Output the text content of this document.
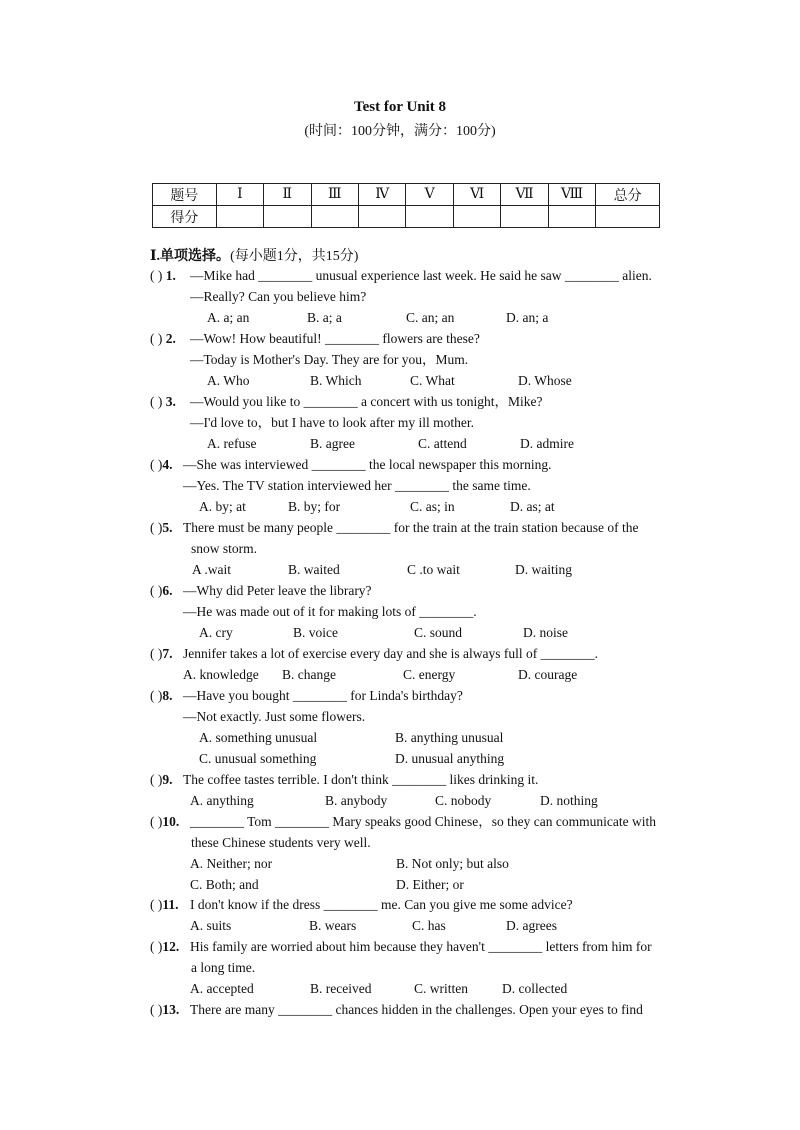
Test for Unit 8
(时间：100分钟，满分：100分)
题号	Ⅰ	Ⅱ	Ⅲ	Ⅳ	Ⅴ	Ⅵ	Ⅶ	Ⅷ	总分
得分									
Ⅰ.单项选择。(每小题1分，共15分)
( ) 1. —Mike had ________ unusual experience last week. He said he saw ________ alien.
—Really? Can you believe him?
A. a; an	B. a; a	C. an; an	D. an; a
( ) 2. —Wow! How beautiful! ________ flowers are these?
—Today is Mother's Day. They are for you，Mum.
A. Who	B. Which	C. What	D. Whose
( ) 3. —Would you like to ________ a concert with us tonight，Mike?
—I'd love to，but I have to look after my ill mother.
A. refuse	B. agree	C. attend	D. admire
( )4. —She was interviewed ________ the local newspaper this morning.
—Yes. The TV station interviewed her ________ the same time.
A. by; at	B. by; for	C. as; in	D. as; at
( )5. There must be many people ________ for the train at the train station because of the
snow storm.
A .wait	B. waited	C .to wait	D. waiting
( )6. —Why did Peter leave the library?
—He was made out of it for making lots of ________.
A. cry	B. voice	C. sound	D. noise
( )7. Jennifer takes a lot of exercise every day and she is always full of ________.
A. knowledge B. change	C. energy	D. courage
( )8. —Have you bought ________ for Linda's birthday?
—Not exactly. Just some flowers.
A. something unusual	B. anything unusual
C. unusual something	D. unusual anything
( )9. The coffee tastes terrible. I don't think ________ likes drinking it.
A. anything	B. anybody	C. nobody	D. nothing
( )10. ________ Tom ________ Mary speaks good Chinese，so they can communicate with
these Chinese students very well.
A. Neither; nor	B. Not only; but also
C. Both; and	D. Either; or
( )11. I don't know if the dress ________ me. Can you give me some advice?
A. suits	B. wears	C. has	D. agrees
( )12. His family are worried about him because they haven't ________ letters from him for
a long time.
A. accepted	B. received	C. written	D. collected
( )13. There are many ________ chances hidden in the challenges. Open your eyes to find
